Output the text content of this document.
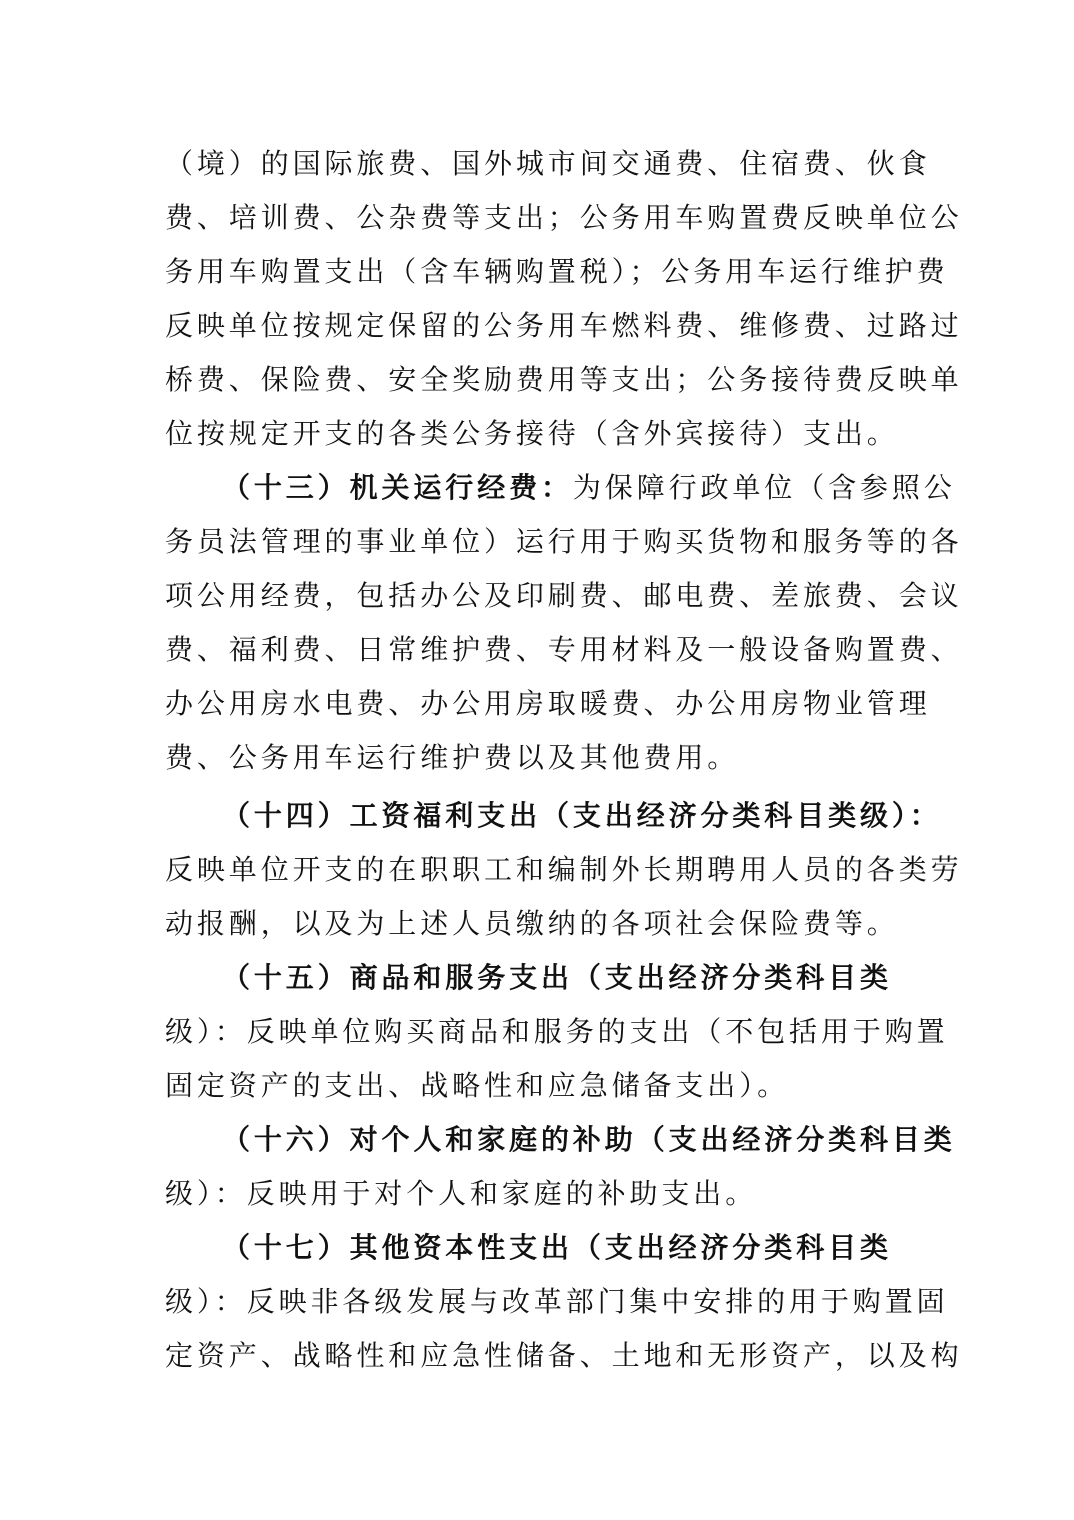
（境）的国际旅费、国外城市间交通费、住宿费、伙食
费、培训费、公杂费等支出；公务用车购置费反映单位公
务用车购置支出（含车辆购置税）；公务用车运行维护费
反映单位按规定保留的公务用车燃料费、维修费、过路过
桥费、保险费、安全奖励费用等支出；公务接待费反映单
位按规定开支的各类公务接待（含外宾接待）支出。
（十三）机关运行经费：为保障行政单位（含参照公
务员法管理的事业单位）运行用于购买货物和服务等的各
项公用经费，包括办公及印刷费、邮电费、差旅费、会议
费、福利费、日常维护费、专用材料及一般设备购置费、
办公用房水电费、办公用房取暖费、办公用房物业管理
费、公务用车运行维护费以及其他费用。
（十四）工资福利支出（支出经济分类科目类级）：
反映单位开支的在职职工和编制外长期聘用人员的各类劳
动报酬，以及为上述人员缴纳的各项社会保险费等。
（十五）商品和服务支出（支出经济分类科目类
级）：反映单位购买商品和服务的支出（不包括用于购置
固定资产的支出、战略性和应急储备支出）。
（十六）对个人和家庭的补助（支出经济分类科目类
级）：反映用于对个人和家庭的补助支出。
（十七）其他资本性支出（支出经济分类科目类
级）：反映非各级发展与改革部门集中安排的用于购置固
定资产、战略性和应急性储备、土地和无形资产，以及构
